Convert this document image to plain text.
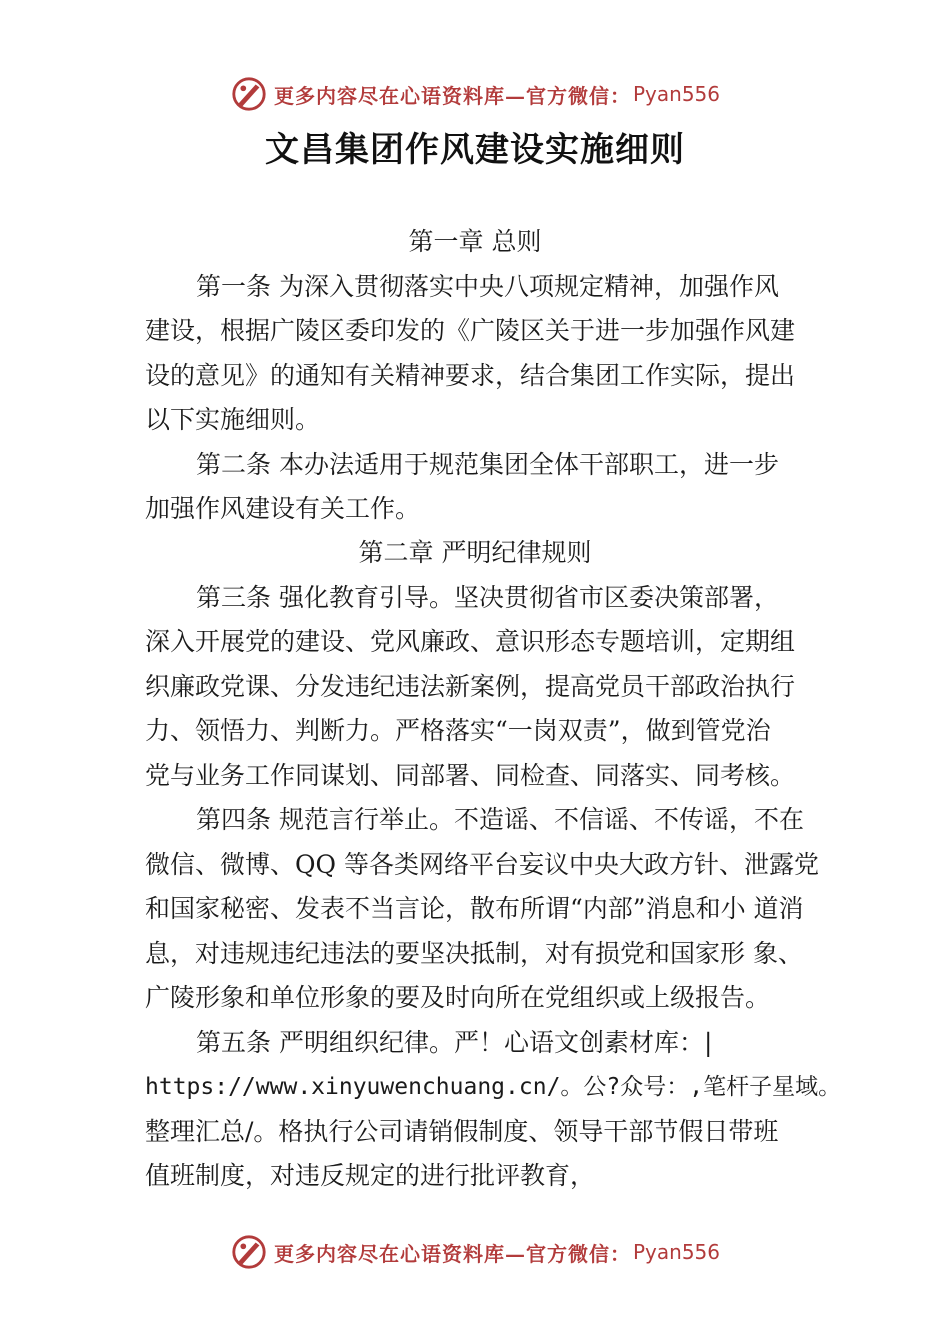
更多内容尽在心语资料库—官方微信： Pyan556
文昌集团作风建设实施细则
第一章 总则
第一条 为深入贯彻落实中央八项规定精神，加强作风
建设，根据广陵区委印发的《广陵区关于进一步加强作风建
设的意见》的通知有关精神要求，结合集团工作实际，提出
以下实施细则。
第二条 本办法适用于规范集团全体干部职工，进一步
加强作风建设有关工作。
第二章 严明纪律规则
第三条 强化教育引导。坚决贯彻省市区委决策部署，
深入开展党的建设、党风廉政、意识形态专题培训，定期组
织廉政党课、分发违纪违法新案例，提高党员干部政治执行
力、领悟力、判断力。严格落实“一岗双责”，做到管党治
党与业务工作同谋划、同部署、同检查、同落实、同考核。
第四条 规范言行举止。不造谣、不信谣、不传谣，不在
微信、微博、QQ 等各类网络平台妄议中央大政方针、泄露党
和国家秘密、发表不当言论，散布所谓“内部”消息和小 道消
息，对违规违纪违法的要坚决抵制，对有损党和国家形 象、
广陵形象和单位形象的要及时向所在党组织或上级报告。
第五条 严明组织纪律。严！心语文创素材库：|
https://www.xinyuwenchuang.cn/。公?众号：,笔杆子星域。
整理汇总/。格执行公司请销假制度、领导干部节假日带班
值班制度，对违反规定的进行批评教育，
更多内容尽在心语资料库—官方微信： Pyan556
